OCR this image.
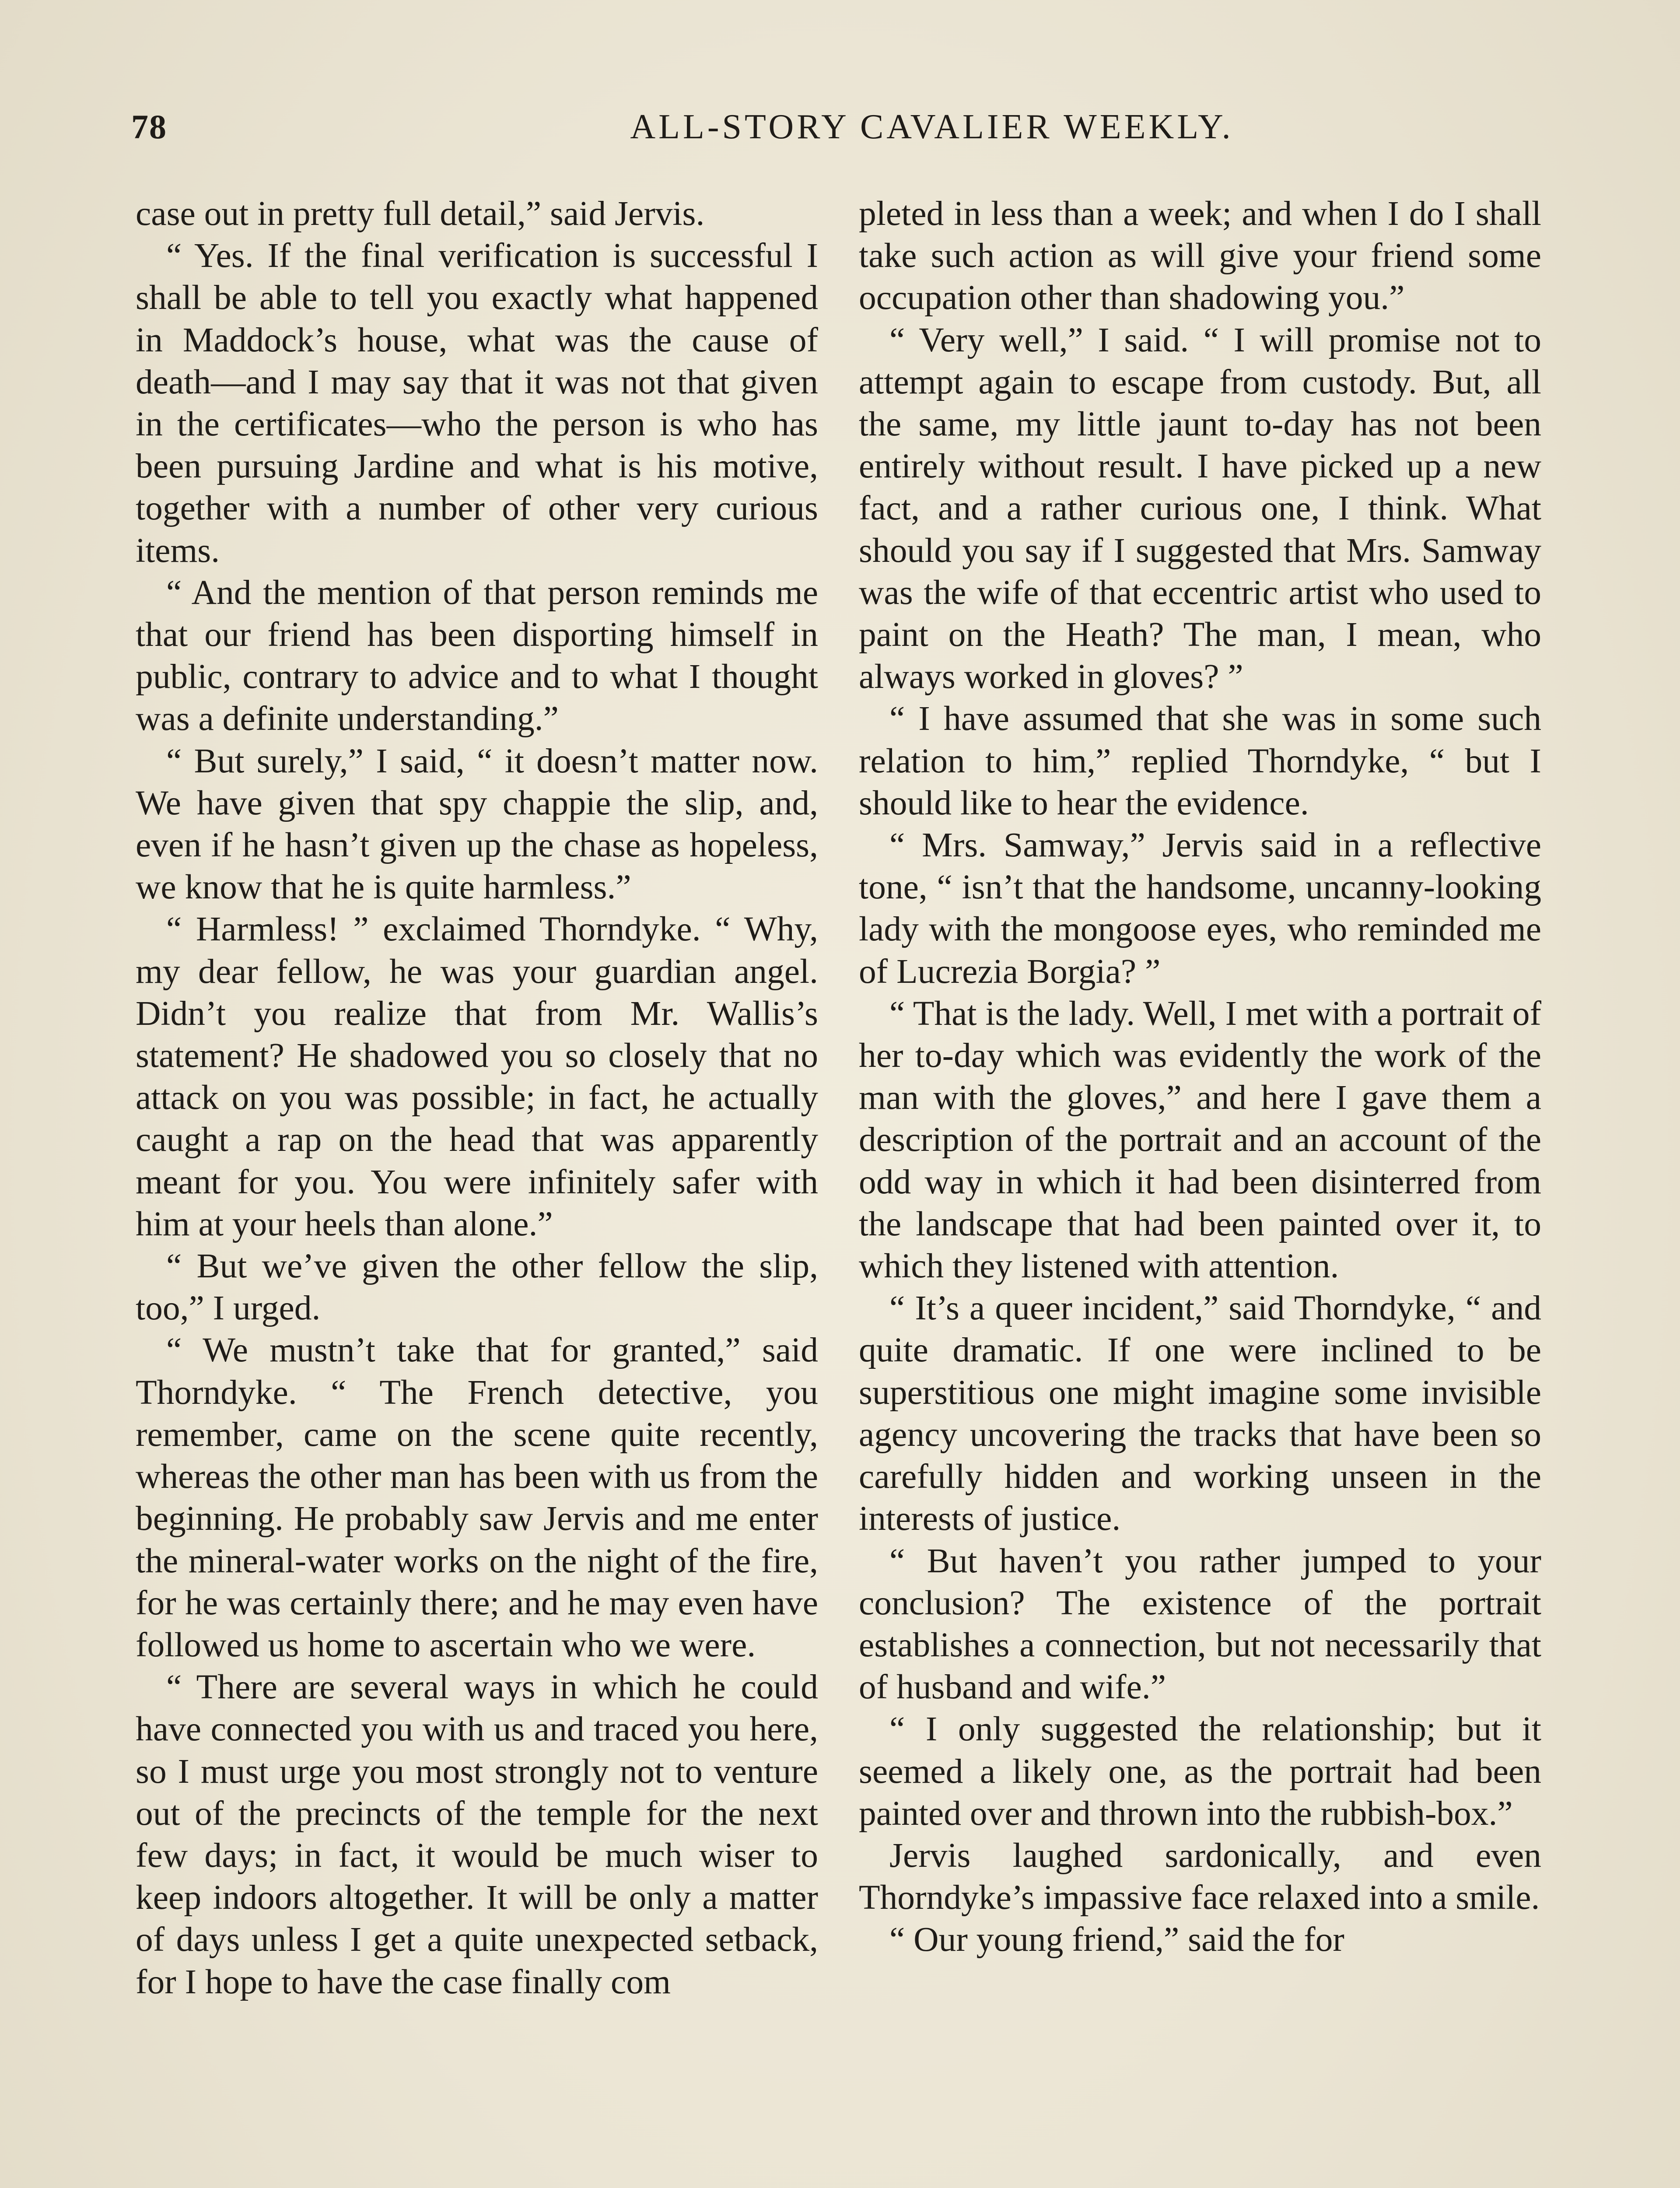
78	ALL-STORY CAVALIER WEEKLY.

case out in pretty full detail,” said Jervis.

“ Yes. If the final verification is successful I shall be able to tell you exactly what happened in Maddock’s house, what was the cause of death—and I may say that it was not that given in the certificates—who the person is who has been pursuing Jardine and what is his motive, together with a number of other very curious items.

“ And the mention of that person reminds me that our friend has been disporting himself in public, contrary to advice and to what I thought was a definite understanding.”

“ But surely,” I said, “ it doesn’t matter now. We have given that spy chappie the slip, and, even if he hasn’t given up the chase as hopeless, we know that he is quite harmless.”

“ Harmless! ” exclaimed Thorndyke. “ Why, my dear fellow, he was your guardian angel. Didn’t you realize that from Mr. Wallis’s statement? He shadowed you so closely that no attack on you was possible; in fact, he actually caught a rap on the head that was apparently meant for you. You were infinitely safer with him at your heels than alone.”

“ But we’ve given the other fellow the slip, too,” I urged.

“ We mustn’t take that for granted,” said Thorndyke. “ The French detective, you remember, came on the scene quite recently, whereas the other man has been with us from the beginning. He probably saw Jervis and me enter the mineral-water works on the night of the fire, for he was certainly there; and he may even have followed us home to ascertain who we were.

“ There are several ways in which he could have connected you with us and traced you here, so I must urge you most strongly not to venture out of the precincts of the temple for the next few days; in fact, it would be much wiser to keep indoors altogether. It will be only a matter of days unless I get a quite unexpected setback, for I hope to have the case finally com

pleted in less than a week; and when I do I shall take such action as will give your friend some occupation other than shadowing you.”

“ Very well,” I said. “ I will promise not to attempt again to escape from custody. But, all the same, my little jaunt to-day has not been entirely without result. I have picked up a new fact, and a rather curious one, I think. What should you say if I suggested that Mrs. Samway was the wife of that eccentric artist who used to paint on the Heath? The man, I mean, who always worked in gloves? ”

“ I have assumed that she was in some such relation to him,” replied Thorndyke, “ but I should like to hear the evidence.

“ Mrs. Samway,” Jervis said in a reflective tone, “ isn’t that the handsome, uncanny-looking lady with the mongoose eyes, who reminded me of Lucrezia Borgia? ”

“ That is the lady. Well, I met with a portrait of her to-day which was evidently the work of the man with the gloves,” and here I gave them a description of the portrait and an account of the odd way in which it had been disinterred from the landscape that had been painted over it, to which they listened with attention.

“ It’s a queer incident,” said Thorndyke, “ and quite dramatic. If one were inclined to be superstitious one might imagine some invisible agency uncovering the tracks that have been so carefully hidden and working unseen in the interests of justice.

“ But haven’t you rather jumped to your conclusion? The existence of the portrait establishes a connection, but not necessarily that of husband and wife.”

“ I only suggested the relationship; but it seemed a likely one, as the portrait had been painted over and thrown into the rubbish-box.”

Jervis laughed sardonically, and even Thorndyke’s impassive face relaxed into a smile.

“ Our young friend,” said the for
